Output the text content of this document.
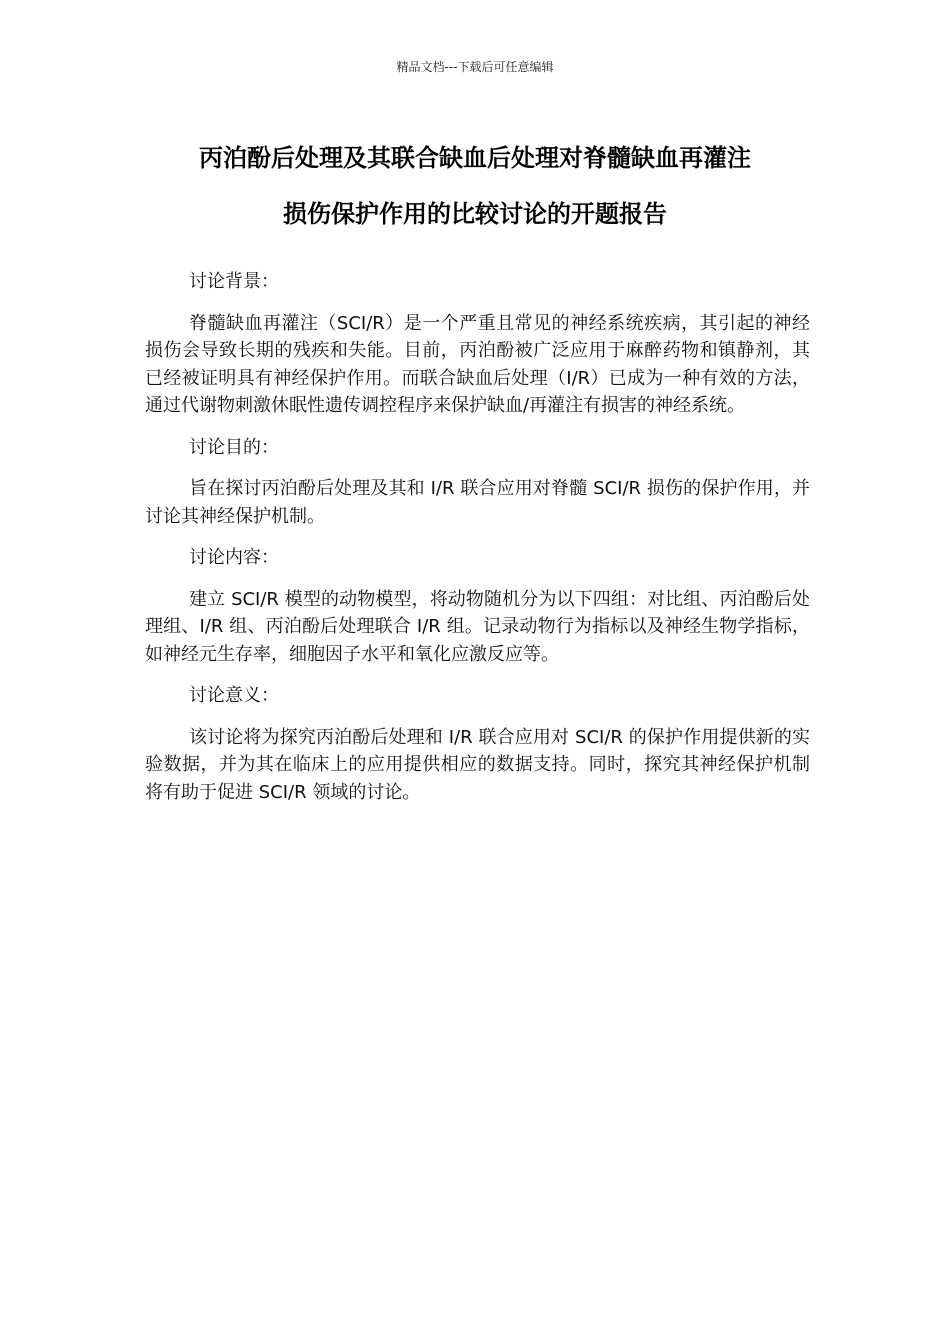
精品文档---下载后可任意编辑
丙泊酚后处理及其联合缺血后处理对脊髓缺血再灌注
损伤保护作用的比较讨论的开题报告

讨论背景：

脊髓缺血再灌注（SCI/R）是一个严重且常见的神经系统疾病，其引起的神经损伤会导致长期的残疾和失能。目前，丙泊酚被广泛应用于麻醉药物和镇静剂，其已经被证明具有神经保护作用。而联合缺血后处理（I/R）已成为一种有效的方法，通过代谢物刺激休眠性遗传调控程序来保护缺血/再灌注有损害的神经系统。

讨论目的：

旨在探讨丙泊酚后处理及其和 I/R 联合应用对脊髓 SCI/R 损伤的保护作用，并讨论其神经保护机制。

讨论内容：

建立 SCI/R 模型的动物模型，将动物随机分为以下四组：对比组、丙泊酚后处理组、I/R 组、丙泊酚后处理联合 I/R 组。记录动物行为指标以及神经生物学指标，如神经元生存率，细胞因子水平和氧化应激反应等。

讨论意义：

该讨论将为探究丙泊酚后处理和 I/R 联合应用对 SCI/R 的保护作用提供新的实验数据，并为其在临床上的应用提供相应的数据支持。同时，探究其神经保护机制将有助于促进 SCI/R 领域的讨论。
